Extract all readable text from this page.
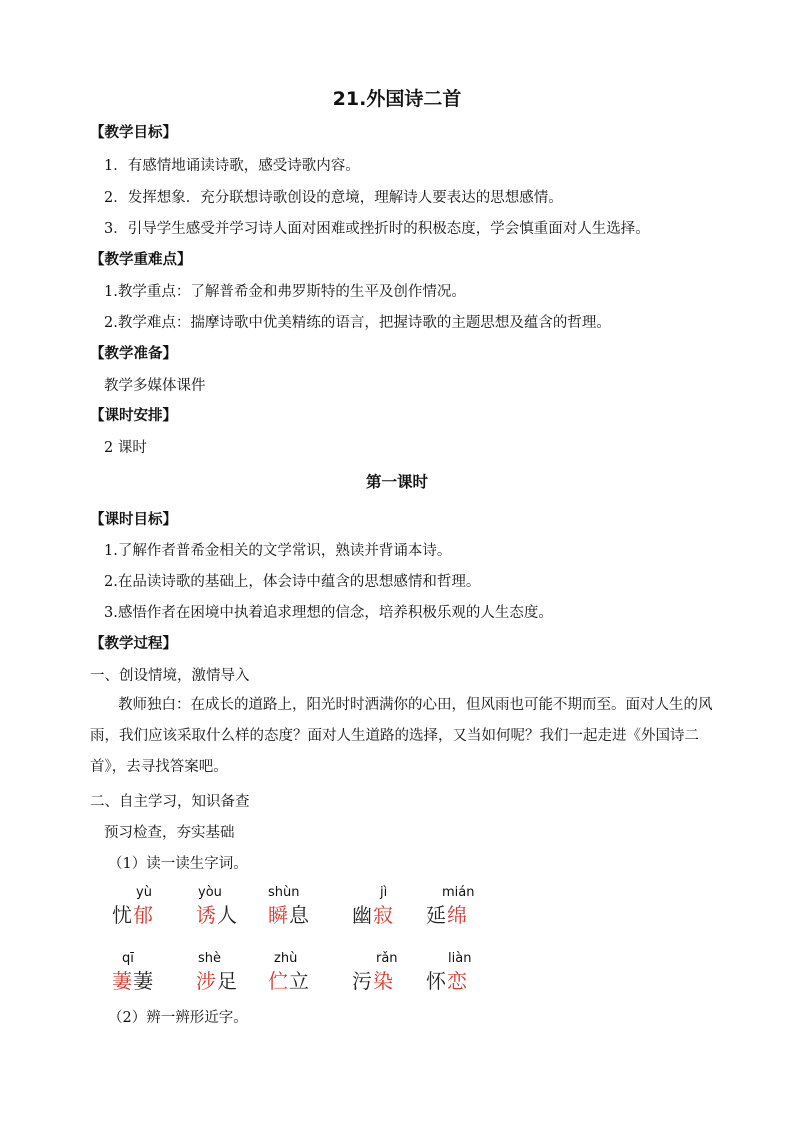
21.外国诗二首
【教学目标】
1．有感情地诵读诗歌，感受诗歌内容。
2．发挥想象．充分联想诗歌创设的意境，理解诗人要表达的思想感情。
3．引导学生感受并学习诗人面对困难或挫折时的积极态度，学会慎重面对人生选择。
【教学重难点】
1.教学重点：了解普希金和弗罗斯特的生平及创作情况。
2.教学难点：揣摩诗歌中优美精练的语言，把握诗歌的主题思想及蕴含的哲理。
【教学准备】
教学多媒体课件
【课时安排】
2 课时
第一课时
【课时目标】
1.了解作者普希金相关的文学常识，熟读并背诵本诗。
2.在品读诗歌的基础上，体会诗中蕴含的思想感情和哲理。
3.感悟作者在困境中执着追求理想的信念，培养积极乐观的人生态度。
【教学过程】
一、创设情境，激情导入
教师独白：在成长的道路上，阳光时时洒满你的心田，但风雨也可能不期而至。面对人生的风雨，我们应该采取什么样的态度？面对人生道路的选择，又当如何呢？我们一起走进《外国诗二首》，去寻找答案吧。
二、自主学习，知识备查
预习检查，夯实基础
（1）读一读生字词。
yù
忧郁
yòu
诱人
shùn
瞬息
jì
幽寂
mián
延绵
qī
萋萋
shè
涉足
zhù
伫立
rǎn
污染
liàn
怀恋
（2）辨一辨形近字。
